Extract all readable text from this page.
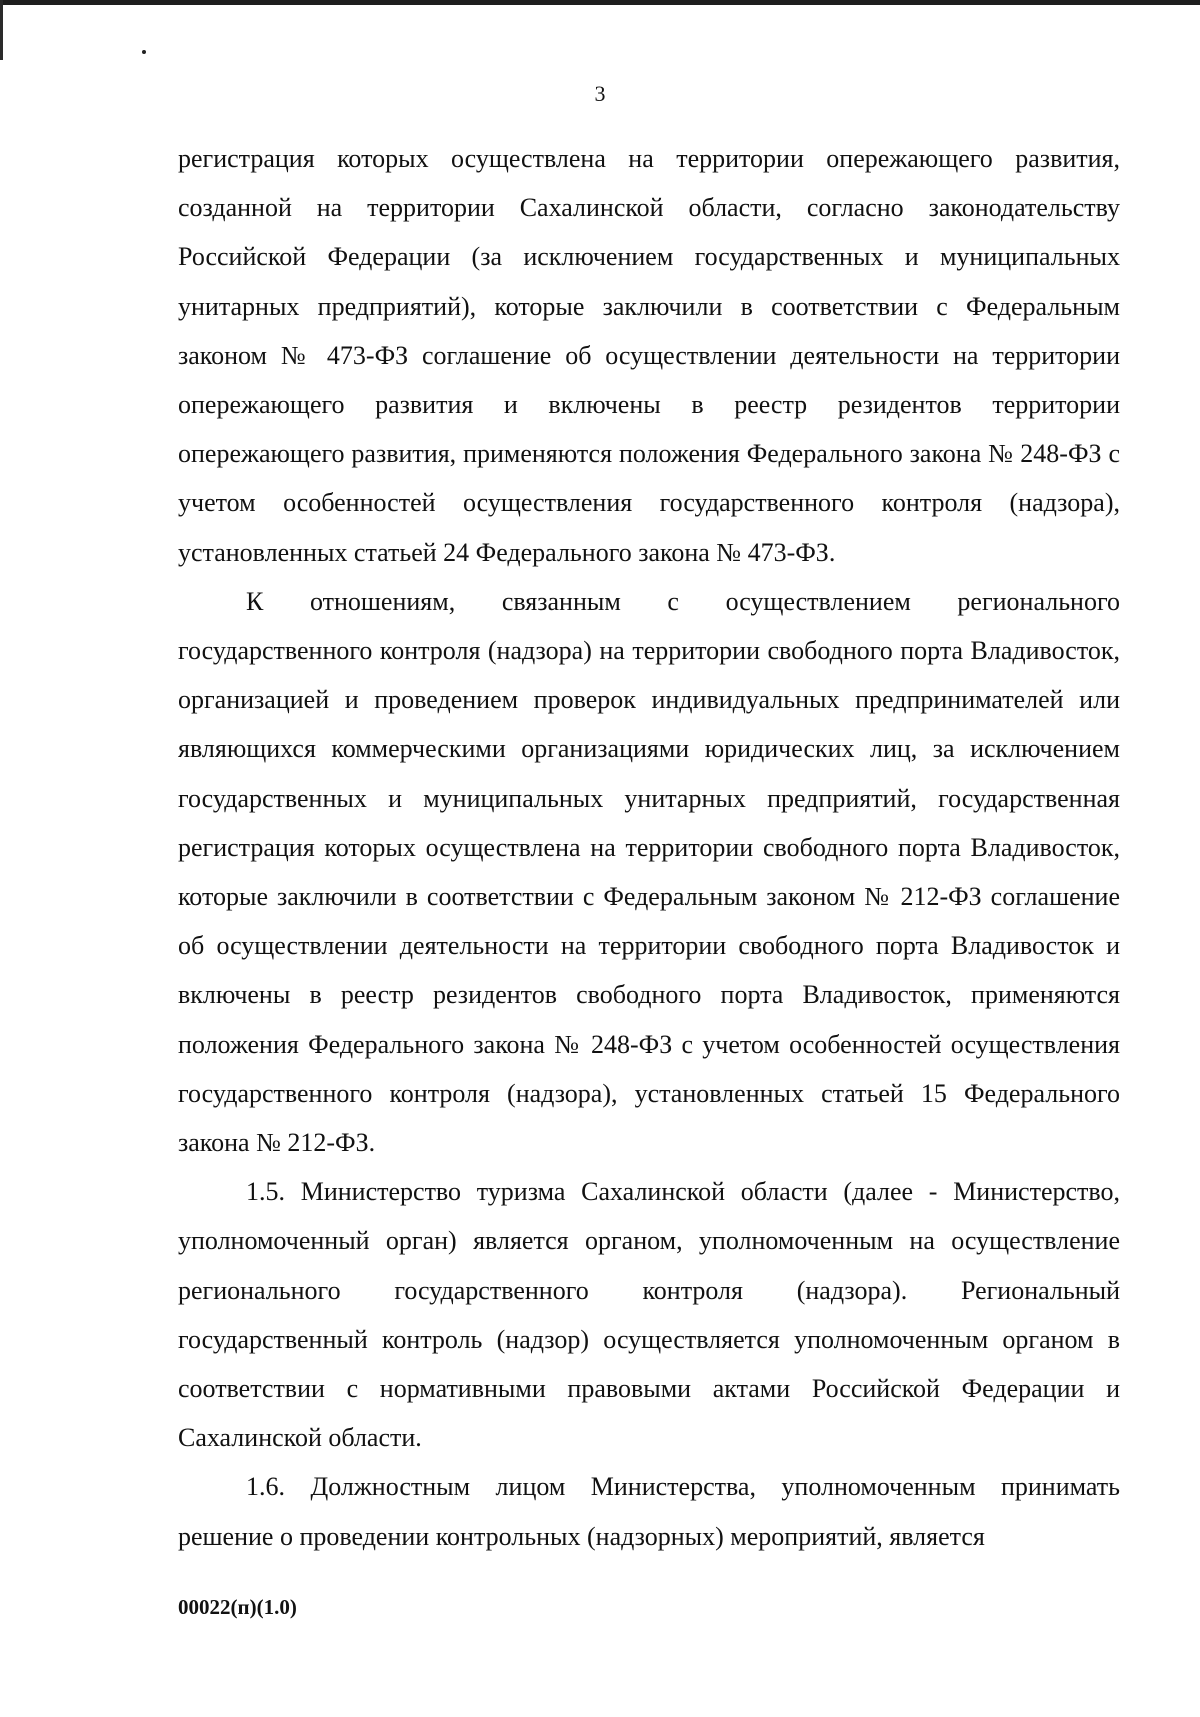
3

регистрация которых осуществлена на территории опережающего развития, созданной на территории Сахалинской области, согласно законодательству Российской Федерации (за исключением государственных и муниципальных унитарных предприятий), которые заключили в соответствии с Федеральным законом № 473-ФЗ соглашение об осуществлении деятельности на территории опережающего развития и включены в реестр резидентов территории опережающего развития, применяются положения Федерального закона № 248-ФЗ с учетом особенностей осуществления государственного контроля (надзора), установленных статьей 24 Федерального закона № 473-ФЗ.

К отношениям, связанным с осуществлением регионального государственного контроля (надзора) на территории свободного порта Владивосток, организацией и проведением проверок индивидуальных предпринимателей или являющихся коммерческими организациями юридических лиц, за исключением государственных и муниципальных унитарных предприятий, государственная регистрация которых осуществлена на территории свободного порта Владивосток, которые заключили в соответствии с Федеральным законом № 212-ФЗ соглашение об осуществлении деятельности на территории свободного порта Владивосток и включены в реестр резидентов свободного порта Владивосток, применяются положения Федерального закона № 248-ФЗ с учетом особенностей осуществления государственного контроля (надзора), установленных статьей 15 Федерального закона № 212-ФЗ.

1.5. Министерство туризма Сахалинской области (далее - Министерство, уполномоченный орган) является органом, уполномоченным на осуществление регионального государственного контроля (надзора). Региональный государственный контроль (надзор) осуществляется уполномоченным органом в соответствии с нормативными правовыми актами Российской Федерации и Сахалинской области.

1.6. Должностным лицом Министерства, уполномоченным принимать решение о проведении контрольных (надзорных) мероприятий, является

00022(п)(1.0)
